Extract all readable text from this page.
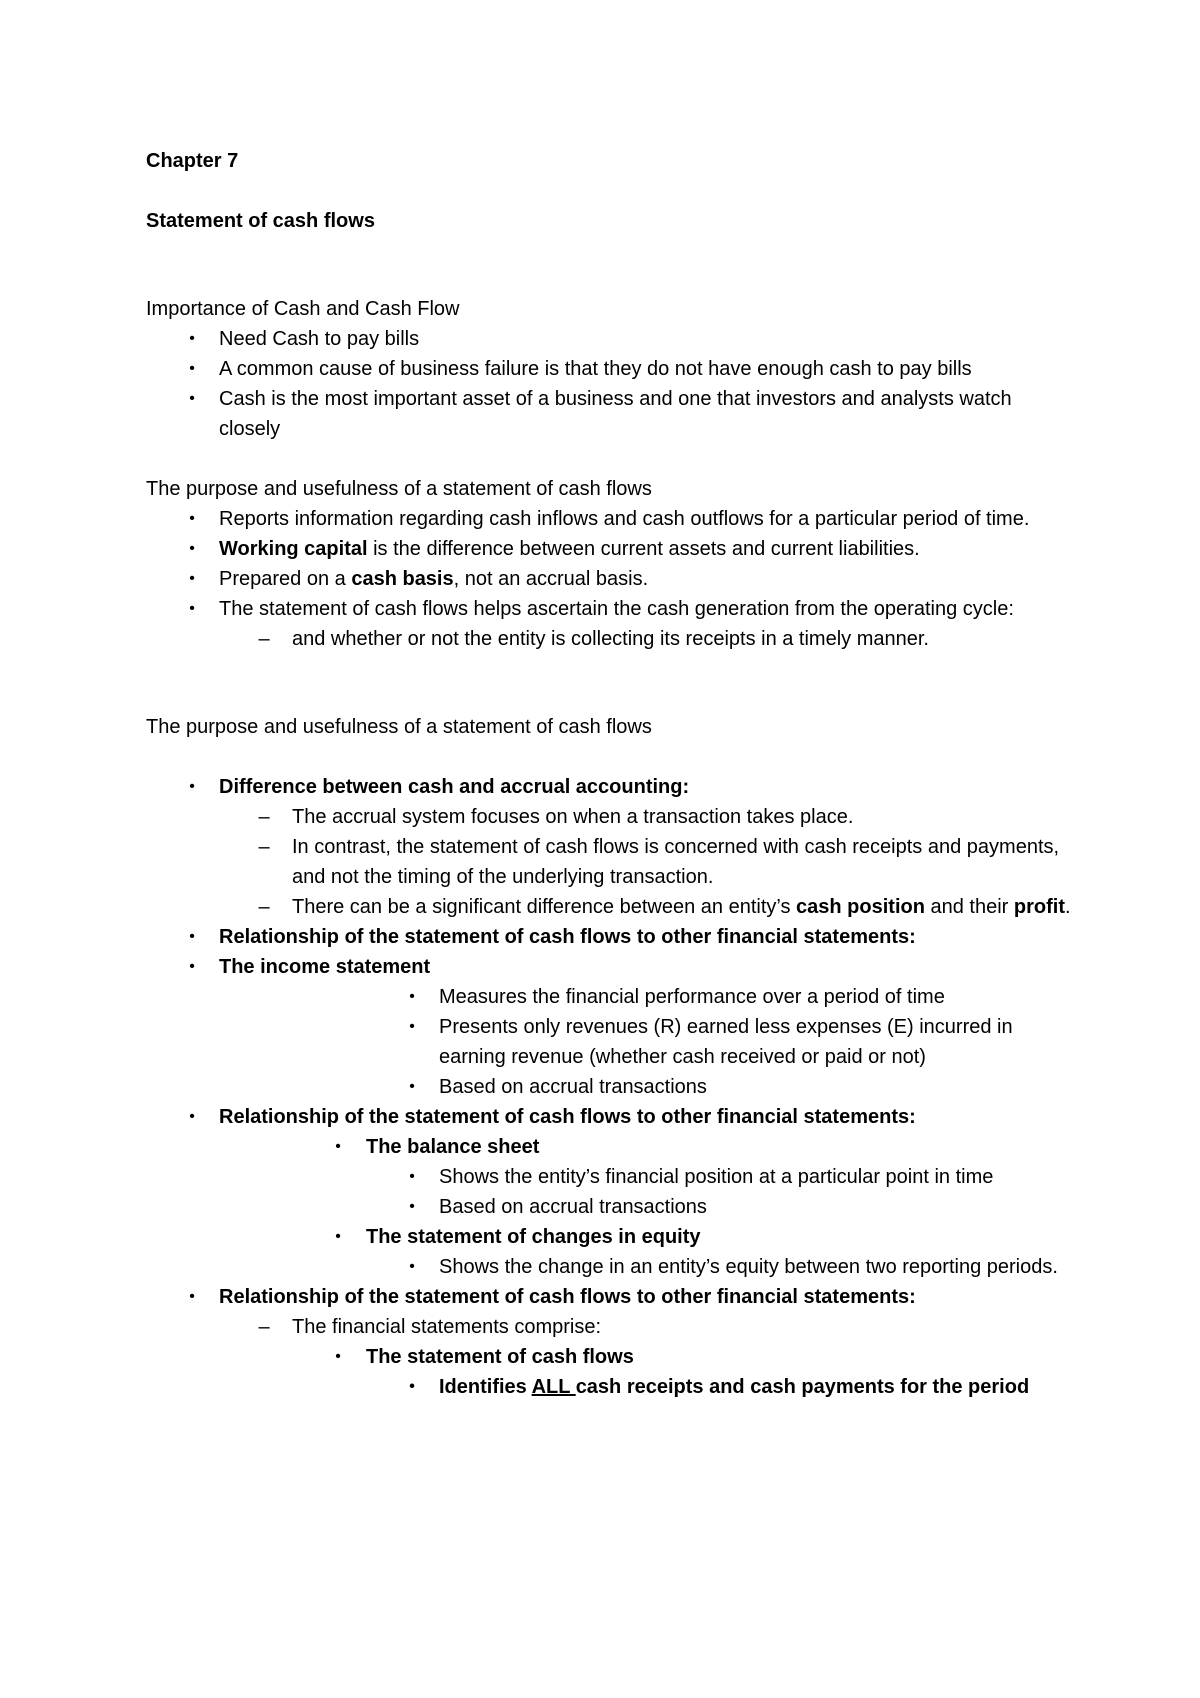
Chapter 7

Statement of cash flows

Importance of Cash and Cash Flow

•	Need Cash to pay bills
•	A common cause of business failure is that they do not have enough cash to pay bills
•	Cash is the most important asset of a business and one that investors and analysts watch closely

The purpose and usefulness of a statement of cash flows

•	Reports information regarding cash inflows and cash outflows for a particular period of time.
•	Working capital is the difference between current assets and current liabilities.
•	Prepared on a cash basis, not an accrual basis.
•	The statement of cash flows helps ascertain the cash generation from the operating cycle:
– and whether or not the entity is collecting its receipts in a timely manner.

The purpose and usefulness of a statement of cash flows

•	Difference between cash and accrual accounting:
– The accrual system focuses on when a transaction takes place.
– In contrast, the statement of cash flows is concerned with cash receipts and payments, and not the timing of the underlying transaction.
– There can be a significant difference between an entity’s cash position and their profit.
•	Relationship of the statement of cash flows to other financial statements:
•	The income statement
•	Measures the financial performance over a period of time
•	Presents only revenues (R) earned less expenses (E) incurred in earning revenue (whether cash received or paid or not)
•	Based on accrual transactions
•	Relationship of the statement of cash flows to other financial statements:
•	The balance sheet
•	Shows the entity’s financial position at a particular point in time
•	Based on accrual transactions
•	The statement of changes in equity
•	Shows the change in an entity’s equity between two reporting periods.
•	Relationship of the statement of cash flows to other financial statements:
– The financial statements comprise:
•	The statement of cash flows
•	Identifies ALL cash receipts and cash payments for the period
